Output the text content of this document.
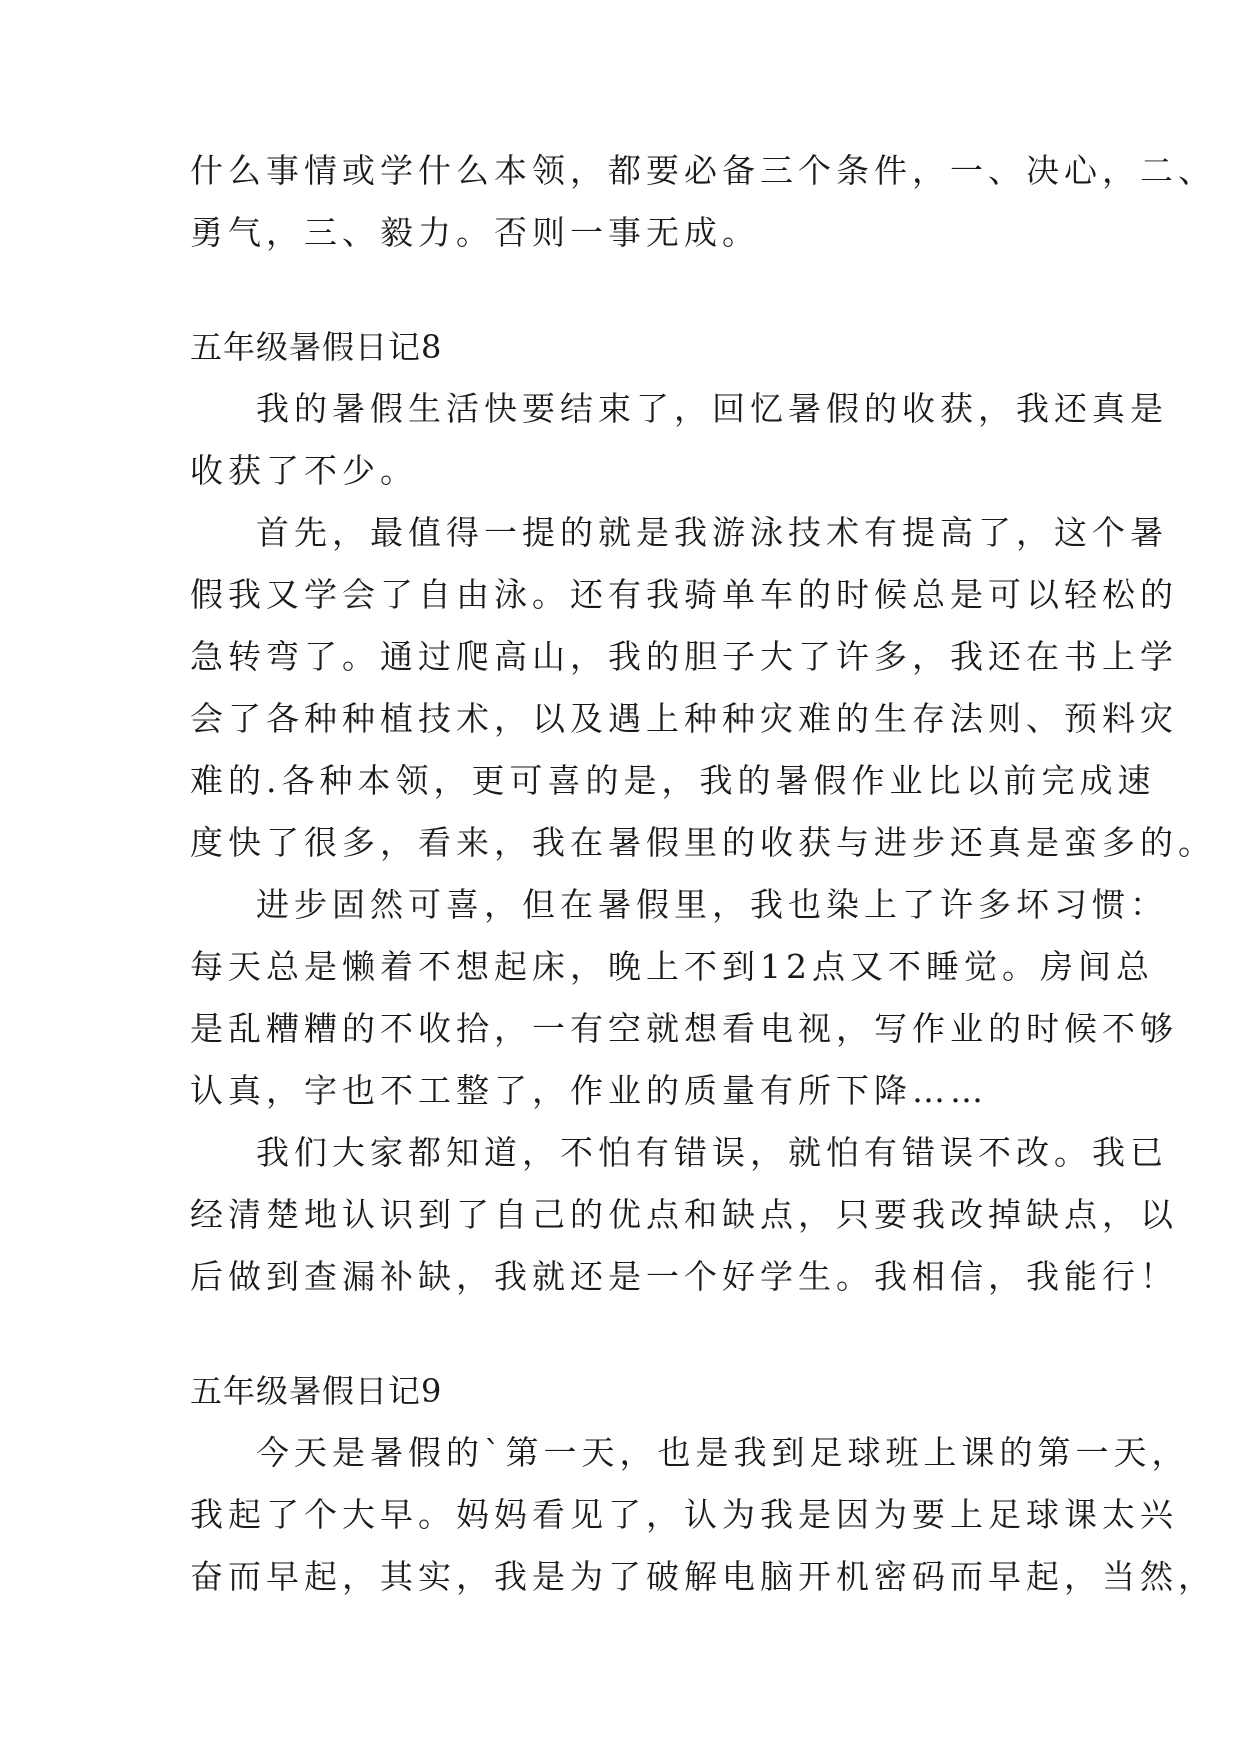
什么事情或学什么本领，都要必备三个条件，一、决心，二、

勇气，三、毅力。否则一事无成。

五年级暑假日记8

我的暑假生活快要结束了，回忆暑假的收获，我还真是

收获了不少。

首先，最值得一提的就是我游泳技术有提高了，这个暑

假我又学会了自由泳。还有我骑单车的时候总是可以轻松的

急转弯了。通过爬高山，我的胆子大了许多，我还在书上学

会了各种种植技术，以及遇上种种灾难的生存法则、预料灾

难的.各种本领，更可喜的是，我的暑假作业比以前完成速

度快了很多，看来，我在暑假里的收获与进步还真是蛮多的。

进步固然可喜，但在暑假里，我也染上了许多坏习惯：

每天总是懒着不想起床，晚上不到12点又不睡觉。房间总

是乱糟糟的不收拾，一有空就想看电视，写作业的时候不够

认真，字也不工整了，作业的质量有所下降……

我们大家都知道，不怕有错误，就怕有错误不改。我已

经清楚地认识到了自己的优点和缺点，只要我改掉缺点，以

后做到查漏补缺，我就还是一个好学生。我相信，我能行！

五年级暑假日记9

今天是暑假的`第一天，也是我到足球班上课的第一天，

我起了个大早。妈妈看见了，认为我是因为要上足球课太兴

奋而早起，其实，我是为了破解电脑开机密码而早起，当然，
